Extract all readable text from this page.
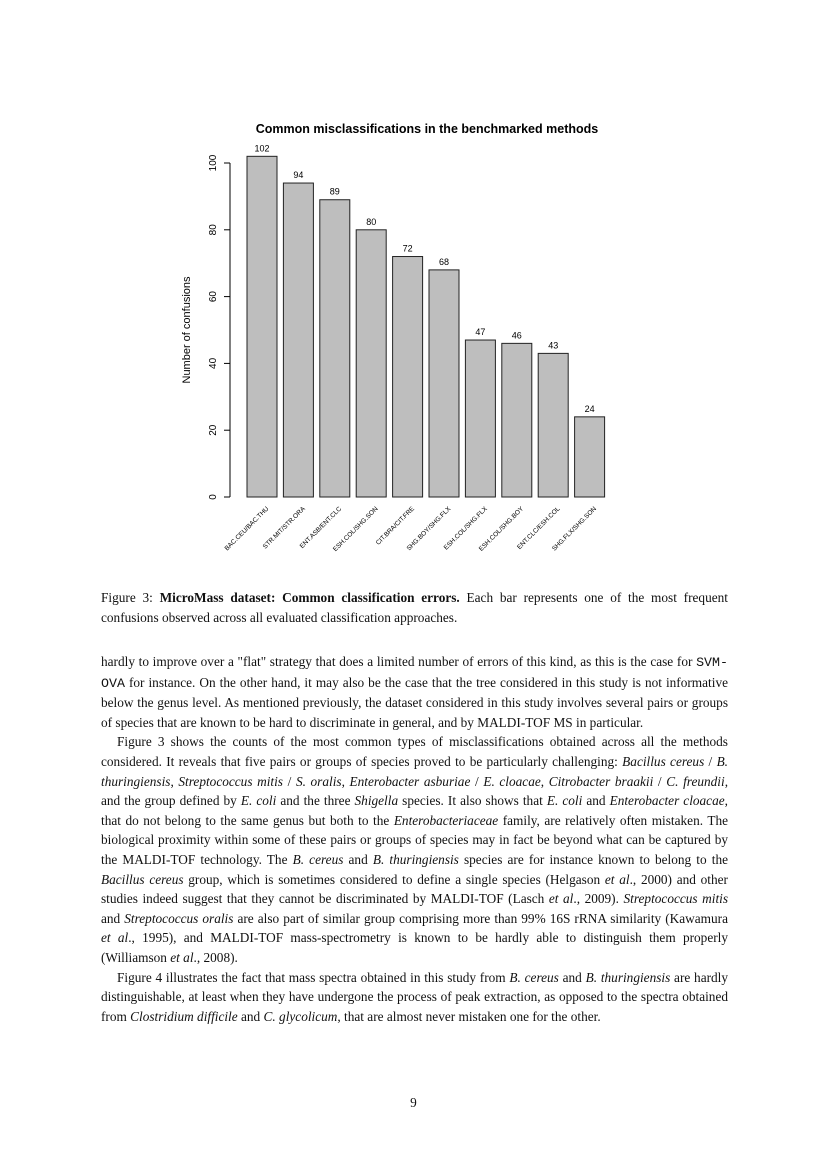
Common misclassifications in the benchmarked methods
Number of confusions
0
20
40
60
80
100
102
BAC.CEU/BAC.THU
94
STR.MIT/STR.ORA
89
ENT.ASB/ENT.CLC
80
ESH.COL/SHG.SON
72
CIT.BRA/CIT.FRE
68
SHG.BOY/SHG.FLX
47
ESH.COL/SHG.FLX
46
ESH.COL/SHG.BOY
43
ENT.CLC/ESH.COL
24
SHG.FLX/SHG.SON
Figure 3: MicroMass dataset: Common classification errors. Each bar represents one of the most frequent confusions observed across all evaluated classification approaches.

hardly to improve over a "flat" strategy that does a limited number of errors of this kind, as this is the case for SVM-OVA for instance. On the other hand, it may also be the case that the tree considered in this study is not informative below the genus level. As mentioned previously, the dataset considered in this study involves several pairs or groups of species that are known to be hard to discriminate in general, and by MALDI-TOF MS in particular.

Figure 3 shows the counts of the most common types of misclassifications obtained across all the methods considered. It reveals that five pairs or groups of species proved to be particularly challenging: Bacillus cereus / B. thuringiensis, Streptococcus mitis / S. oralis, Enterobacter asburiae / E. cloacae, Citrobacter braakii / C. freundii, and the group defined by E. coli and the three Shigella species. It also shows that E. coli and Enterobacter cloacae, that do not belong to the same genus but both to the Enterobacteriaceae family, are relatively often mistaken. The biological proximity within some of these pairs or groups of species may in fact be beyond what can be captured by the MALDI-TOF technology. The B. cereus and B. thuringiensis species are for instance known to belong to the Bacillus cereus group, which is sometimes considered to define a single species (Helgason et al., 2000) and other studies indeed suggest that they cannot be discriminated by MALDI-TOF (Lasch et al., 2009). Streptococcus mitis and Streptococcus oralis are also part of similar group comprising more than 99% 16S rRNA similarity (Kawamura et al., 1995), and MALDI-TOF mass-spectrometry is known to be hardly able to distinguish them properly (Williamson et al., 2008).

Figure 4 illustrates the fact that mass spectra obtained in this study from B. cereus and B. thuringiensis are hardly distinguishable, at least when they have undergone the process of peak extraction, as opposed to the spectra obtained from Clostridium difficile and C. glycolicum, that are almost never mistaken one for the other.

9
